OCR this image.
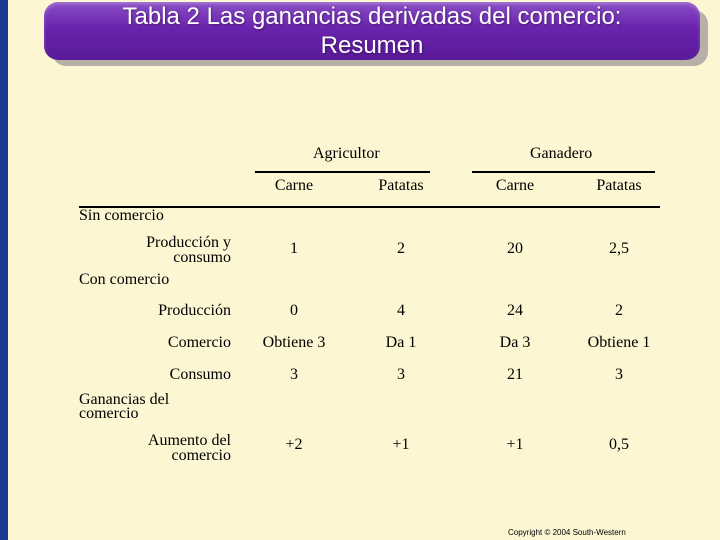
Tabla 2 Las ganancias derivadas del comercio:
Resumen
Agricultor	Ganadero
Carne	Patatas	Carne	Patatas
Sin comercio
Producción y
consumo
1	2	20	2,5
Con comercio
Producción	0	4	24	2
Comercio	Obtiene 3	Da 1	Da 3	Obtiene 1
Consumo	3	3	21	3
Ganancias del
comercio
Aumento del
comercio
+2	+1	+1	0,5
Copyright © 2004 South-Western
